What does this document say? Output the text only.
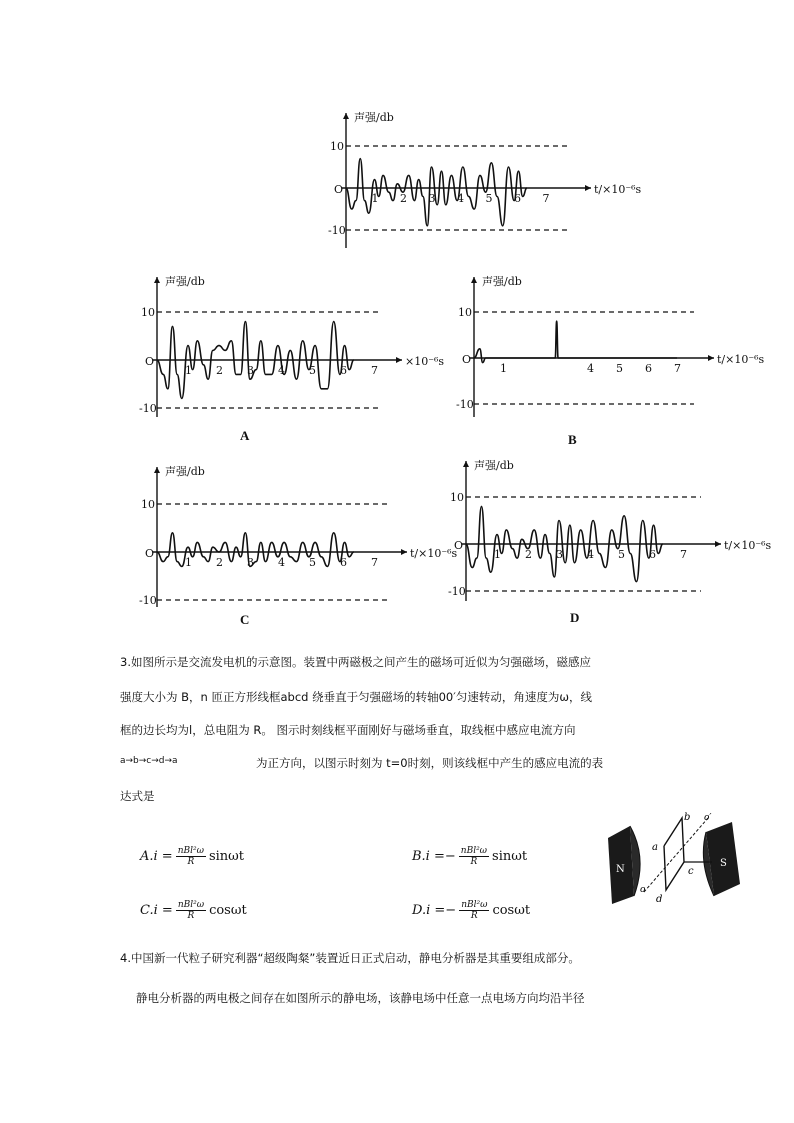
声强/db
10
-10
O	t/×10⁻⁶s
1 2 3 4 5 6 7
声强/db
10
-10
O	×10⁻⁶s
1 2 3 4 5 6 7
A
声强/db
10
-10
O	t/×10⁻⁶s
1	4 5 6 7
B
声强/db
10
-10
O	t/×10⁻⁶s
1 2 3 4 5 6 7
C
声强/db
10
-10
O	t/×10⁻⁶s
1 2 3 4 5 6 7
D
3.如图所示是交流发电机的示意图。装置中两磁极之间产生的磁场可近似为匀强磁场，磁感应
强度大小为 B，n 匝正方形线框abcd 绕垂直于匀强磁场的转轴00′匀速转动，角速度为ω，线
框的边长均为l，总电阻为 R。 图示时刻线框平面刚好与磁场垂直，取线框中感应电流方向
a→b→c→d→a	为正方向，以图示时刻为 t=0时刻，则该线框中产生的感应电流的表
达式是
$A.i = \frac{\text{nBl²ω}}{R}$ sinωt	B.i = − $\frac{\text{nBl²ω}}{R}$ sinωt
$C.i = \frac{\text{nBl²ω}}{R}$ cosωt	D.i = − $\frac{\text{nBl²ω}}{R}$ cosωt
N
S
a
b
c
d
o
o′
4.中国新一代粒子研究利器“超级陶粲”装置近日正式启动，静电分析器是其重要组成部分。
静电分析器的两电极之间存在如图所示的静电场，该静电场中任意一点电场方向均沿半径
